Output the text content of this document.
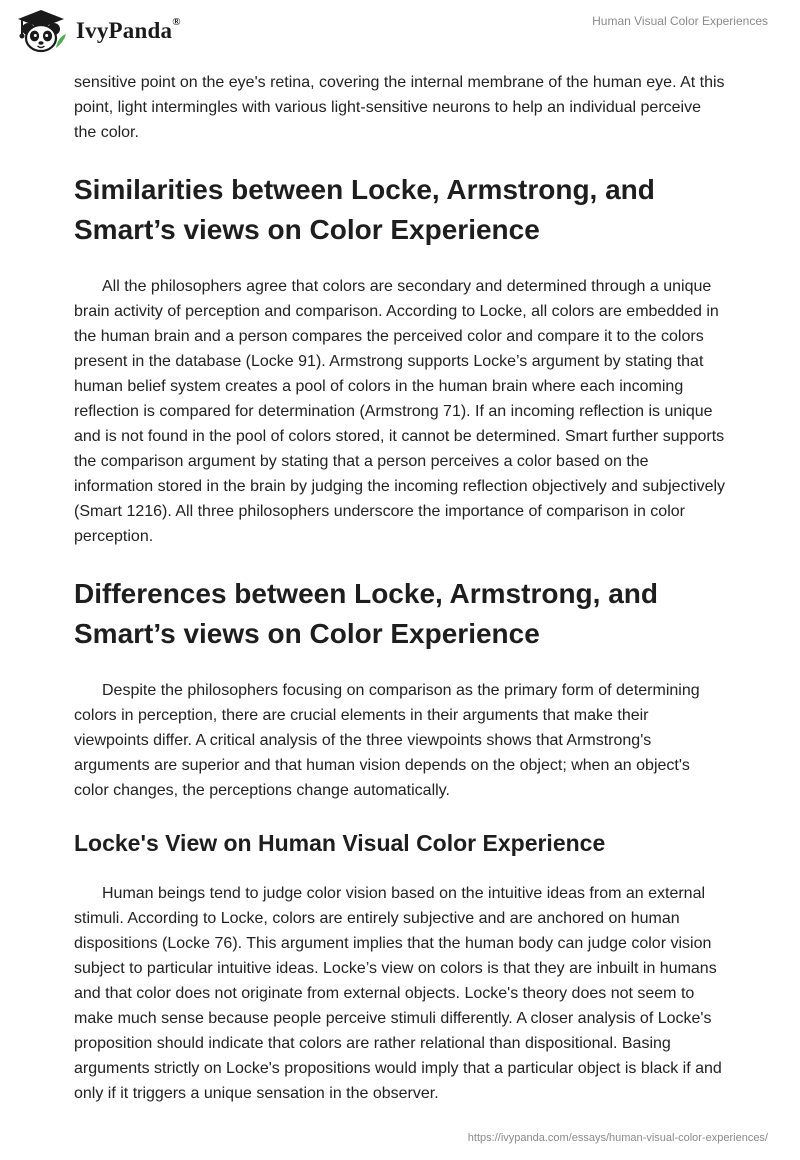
IvyPanda®	Human Visual Color Experiences

sensitive point on the eye's retina, covering the internal membrane of the human eye. At this point, light intermingles with various light-sensitive neurons to help an individual perceive the color.

Similarities between Locke, Armstrong, and Smart’s views on Color Experience

All the philosophers agree that colors are secondary and determined through a unique brain activity of perception and comparison. According to Locke, all colors are embedded in the human brain and a person compares the perceived color and compare it to the colors present in the database (Locke 91). Armstrong supports Locke’s argument by stating that human belief system creates a pool of colors in the human brain where each incoming reflection is compared for determination (Armstrong 71). If an incoming reflection is unique and is not found in the pool of colors stored, it cannot be determined. Smart further supports the comparison argument by stating that a person perceives a color based on the information stored in the brain by judging the incoming reflection objectively and subjectively (Smart 1216). All three philosophers underscore the importance of comparison in color perception.

Differences between Locke, Armstrong, and Smart’s views on Color Experience

Despite the philosophers focusing on comparison as the primary form of determining colors in perception, there are crucial elements in their arguments that make their viewpoints differ. A critical analysis of the three viewpoints shows that Armstrong's arguments are superior and that human vision depends on the object; when an object's color changes, the perceptions change automatically.

Locke's View on Human Visual Color Experience

Human beings tend to judge color vision based on the intuitive ideas from an external stimuli. According to Locke, colors are entirely subjective and are anchored on human dispositions (Locke 76). This argument implies that the human body can judge color vision subject to particular intuitive ideas. Locke’s view on colors is that they are inbuilt in humans and that color does not originate from external objects. Locke's theory does not seem to make much sense because people perceive stimuli differently. A closer analysis of Locke's proposition should indicate that colors are rather relational than dispositional. Basing arguments strictly on Locke's propositions would imply that a particular object is black if and only if it triggers a unique sensation in the observer.

https://ivypanda.com/essays/human-visual-color-experiences/
